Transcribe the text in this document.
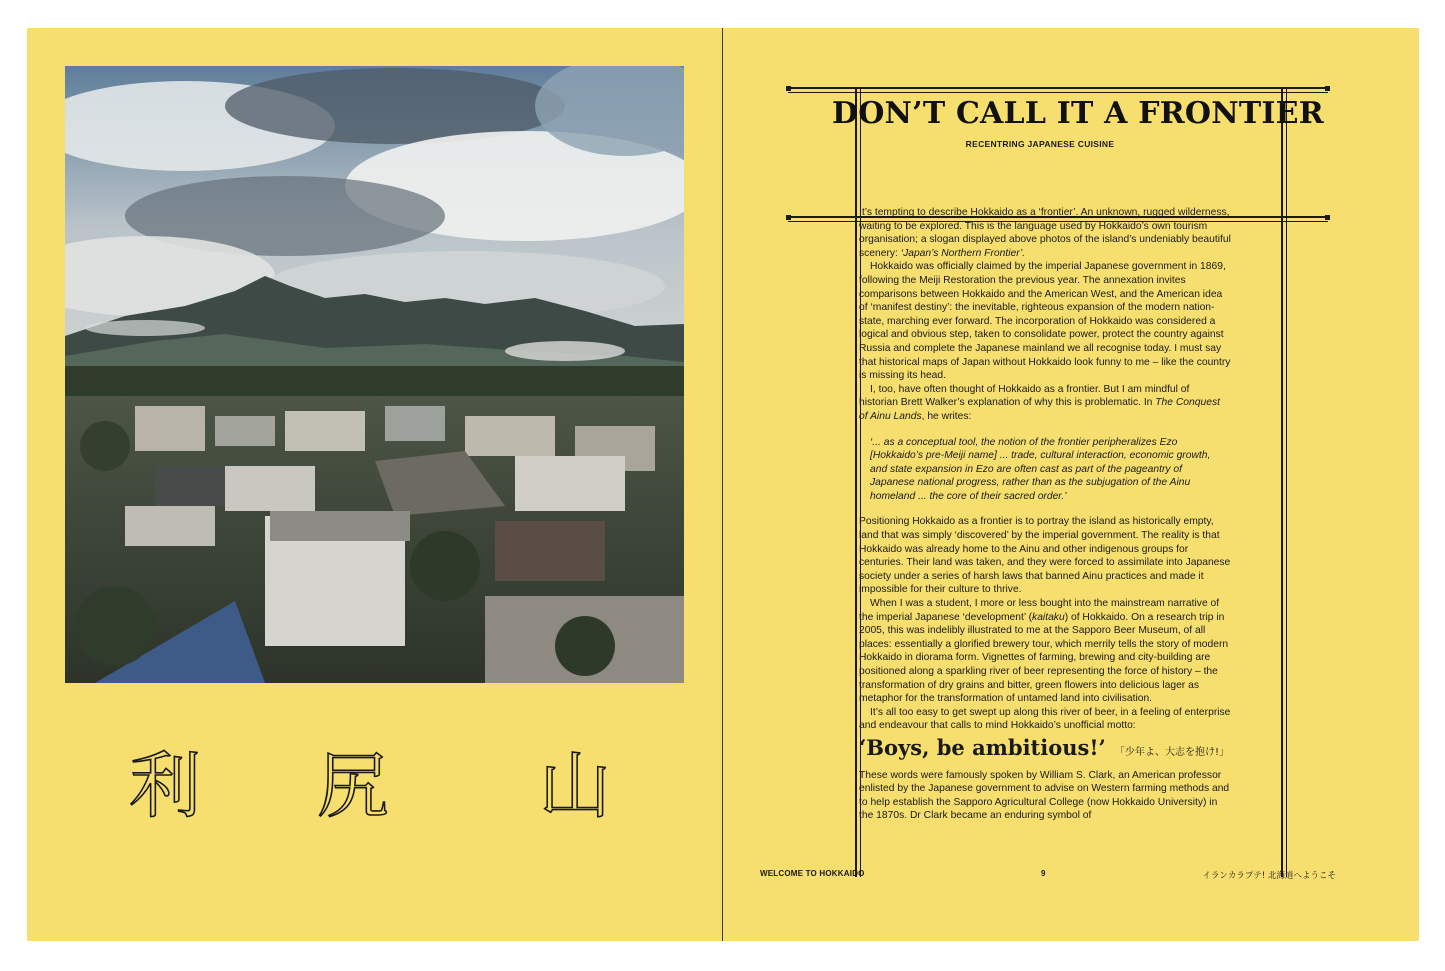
利 尻 山
DON’T CALL IT A FRONTIER
RECENTRING JAPANESE CUISINE

It’s tempting to describe Hokkaido as a ‘frontier’. An unknown, rugged wilderness, waiting to be explored. This is the language used by Hokkaido’s own tourism organisation; a slogan displayed above photos of the island’s undeniably beautiful scenery: ‘Japan’s Northern Frontier’.

Hokkaido was officially claimed by the imperial Japanese government in 1869, following the Meiji Restoration the previous year. The annexation invites comparisons between Hokkaido and the American West, and the American idea of ‘manifest destiny’: the inevitable, righteous expansion of the modern nation-state, marching ever forward. The incorporation of Hokkaido was considered a logical and obvious step, taken to consolidate power, protect the country against Russia and complete the Japanese mainland we all recognise today. I must say that historical maps of Japan without Hokkaido look funny to me – like the country is missing its head.

I, too, have often thought of Hokkaido as a frontier. But I am mindful of historian Brett Walker’s explanation of why this is problematic. In The Conquest of Ainu Lands, he writes:

‘... as a conceptual tool, the notion of the frontier peripheralizes Ezo [Hokkaido’s pre-Meiji name] ... trade, cultural interaction, economic growth, and state expansion in Ezo are often cast as part of the pageantry of Japanese national progress, rather than as the subjugation of the Ainu homeland ... the core of their sacred order.’

Positioning Hokkaido as a frontier is to portray the island as historically empty, land that was simply ‘discovered’ by the imperial government. The reality is that Hokkaido was already home to the Ainu and other indigenous groups for centuries. Their land was taken, and they were forced to assimilate into Japanese society under a series of harsh laws that banned Ainu practices and made it impossible for their culture to thrive.

When I was a student, I more or less bought into the mainstream narrative of the imperial Japanese ‘development’ (kaitaku) of Hokkaido. On a research trip in 2005, this was indelibly illustrated to me at the Sapporo Beer Museum, of all places: essentially a glorified brewery tour, which merrily tells the story of modern Hokkaido in diorama form. Vignettes of farming, brewing and city-building are positioned along a sparkling river of beer representing the force of history – the transformation of dry grains and bitter, green flowers into delicious lager as metaphor for the transformation of untamed land into civilisation.

It’s all too easy to get swept up along this river of beer, in a feeling of enterprise and endeavour that calls to mind Hokkaido’s unofficial motto:

‘Boys, be ambitious!’ 「少年よ、大志を抱け!」

These words were famously spoken by William S. Clark, an American professor enlisted by the Japanese government to advise on Western farming methods and to help establish the Sapporo Agricultural College (now Hokkaido University) in the 1870s. Dr Clark became an enduring symbol of

WELCOME TO HOKKAIDO	9	イランカラプテ! 北海道へようこそ
